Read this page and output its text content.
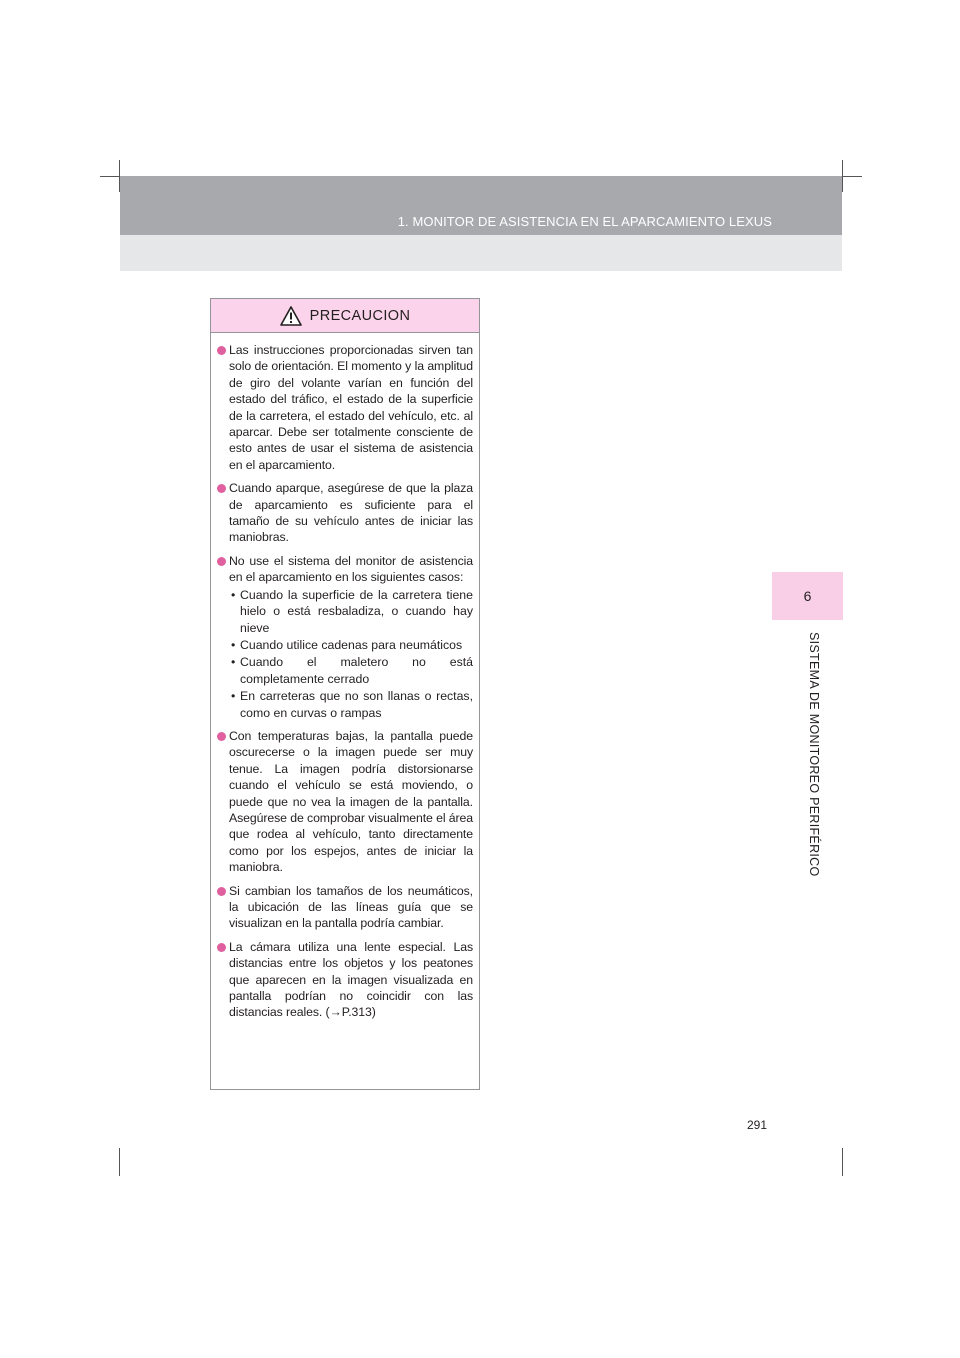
1. MONITOR DE ASISTENCIA EN EL APARCAMIENTO LEXUS
6
SISTEMA DE MONITOREO PERIFÉRICO
PRECAUCION
Las instrucciones proporcionadas sirven tan solo de orientación. El momento y la amplitud de giro del volante varían en función del estado del tráfico, el estado de la superficie de la carretera, el estado del vehículo, etc. al aparcar. Debe ser totalmente consciente de esto antes de usar el sistema de asistencia en el aparcamiento.
Cuando aparque, asegúrese de que la plaza de aparcamiento es suficiente para el tamaño de su vehículo antes de iniciar las maniobras.
No use el sistema del monitor de asistencia en el aparcamiento en los siguientes casos:
• Cuando la superficie de la carretera tiene hielo o está resbaladiza, o cuando hay nieve
• Cuando utilice cadenas para neumáticos
• Cuando el maletero no está completamente cerrado
• En carreteras que no son llanas o rectas, como en curvas o rampas
Con temperaturas bajas, la pantalla puede oscurecerse o la imagen puede ser muy tenue. La imagen podría distorsionarse cuando el vehículo se está moviendo, o puede que no vea la imagen de la pantalla. Asegúrese de comprobar visualmente el área que rodea al vehículo, tanto directamente como por los espejos, antes de iniciar la maniobra.
Si cambian los tamaños de los neumáticos, la ubicación de las líneas guía que se visualizan en la pantalla podría cambiar.
La cámara utiliza una lente especial. Las distancias entre los objetos y los peatones que aparecen en la imagen visualizada en pantalla podrían no coincidir con las distancias reales. (→P.313)
291
